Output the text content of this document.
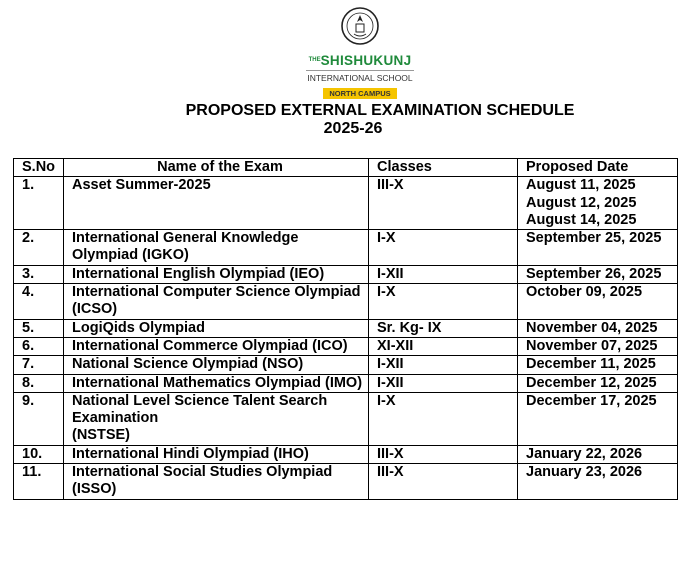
$^{THE}$SHISHUKUNJ
INTERNATIONAL SCHOOL
NORTH CAMPUS
PROPOSED EXTERNAL EXAMINATION SCHEDULE
2025-26
S.No	Name of the Exam	Classes	Proposed Date
1.	Asset Summer-2025	III-X	August 11, 2025
August 12, 2025
August 14, 2025

2.	International General Knowledge Olympiad (IGKO)	I-X	September 25, 2025
3.	International English Olympiad (IEO)	I-XII	September 26, 2025
4.	International Computer Science Olympiad (ICSO)	I-X	October 09, 2025
5.	LogiQids Olympiad	Sr. Kg- IX	November 04, 2025
6.	International Commerce Olympiad (ICO)	XI-XII	November 07, 2025
7.	National Science Olympiad (NSO)	I-XII	December 11, 2025
8.	International Mathematics Olympiad (IMO)	I-XII	December 12, 2025
9.	National Level Science Talent Search Examination
(NSTSE)	I-X	December 17, 2025
10.	International Hindi Olympiad (IHO)	III-X	January 22, 2026
11.	International Social Studies Olympiad (ISSO)	III-X	January 23, 2026
